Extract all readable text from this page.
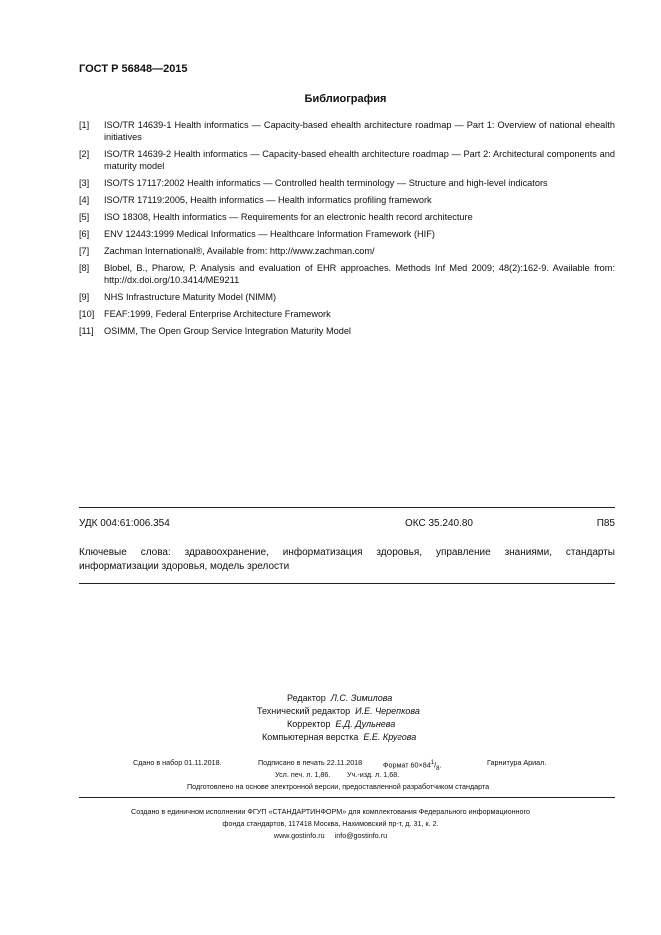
ГОСТ Р 56848—2015
Библиография
[1]	ISO/TR 14639-1 Health informatics — Capacity-based ehealth architecture roadmap — Part 1: Overview of national ehealth initiatives
[2]	ISO/TR 14639-2 Health informatics — Capacity-based ehealth architecture roadmap — Part 2: Architectural components and maturity model
[3]	ISO/TS 17117:2002 Health informatics — Controlled health terminology — Structure and high-level indicators
[4]	ISO/TR 17119:2005, Health informatics — Health informatics profiling framework
[5]	ISO 18308, Health informatics — Requirements for an electronic health record architecture
[6]	ENV 12443:1999 Medical Informatics — Healthcare Information Framework (HIF)
[7]	Zachman International®, Available from: http://www.zachman.com/
[8]	Blobel, B., Pharow, P. Analysis and evaluation of EHR approaches. Methods Inf Med 2009; 48(2):162-9. Available from: http://dx.doi.org/10.3414/ME9211
[9]	NHS Infrastructure Maturity Model (NIMM)
[10]	FEAF:1999, Federal Enterprise Architecture Framework
[11]	OSIMM, The Open Group Service Integration Maturity Model
УДК 004:61:006.354	ОКС 35.240.80	П85
Ключевые слова: здравоохранение, информатизация здоровья, управление знаниями, стандарты информатизации здоровья, модель зрелости
Редактор Л.С. Зимилова
Технический редактор И.Е. Черепкова
Корректор Е.Д. Дульнева
Компьютерная верстка Е.Е. Кругова
Сдано в набор 01.11.2018.	Подписано в печать 22.11.2018	Формат $60\times 84^1/_8$.	Гарнитура Ариал.
Усл. печ. л. 1,86. Уч.-изд. л. 1,68.
Подготовлено на основе электронной версии, предоставленной разработчиком стандарта
Создано в единичном исполнении ФГУП «СТАНДАРТИНФОРМ» для комплектования Федерального информационного
фонда стандартов, 117418 Москва, Нахимовский пр-т, д. 31, к. 2.
www.gostinfo.ru     info@gostinfo.ru
